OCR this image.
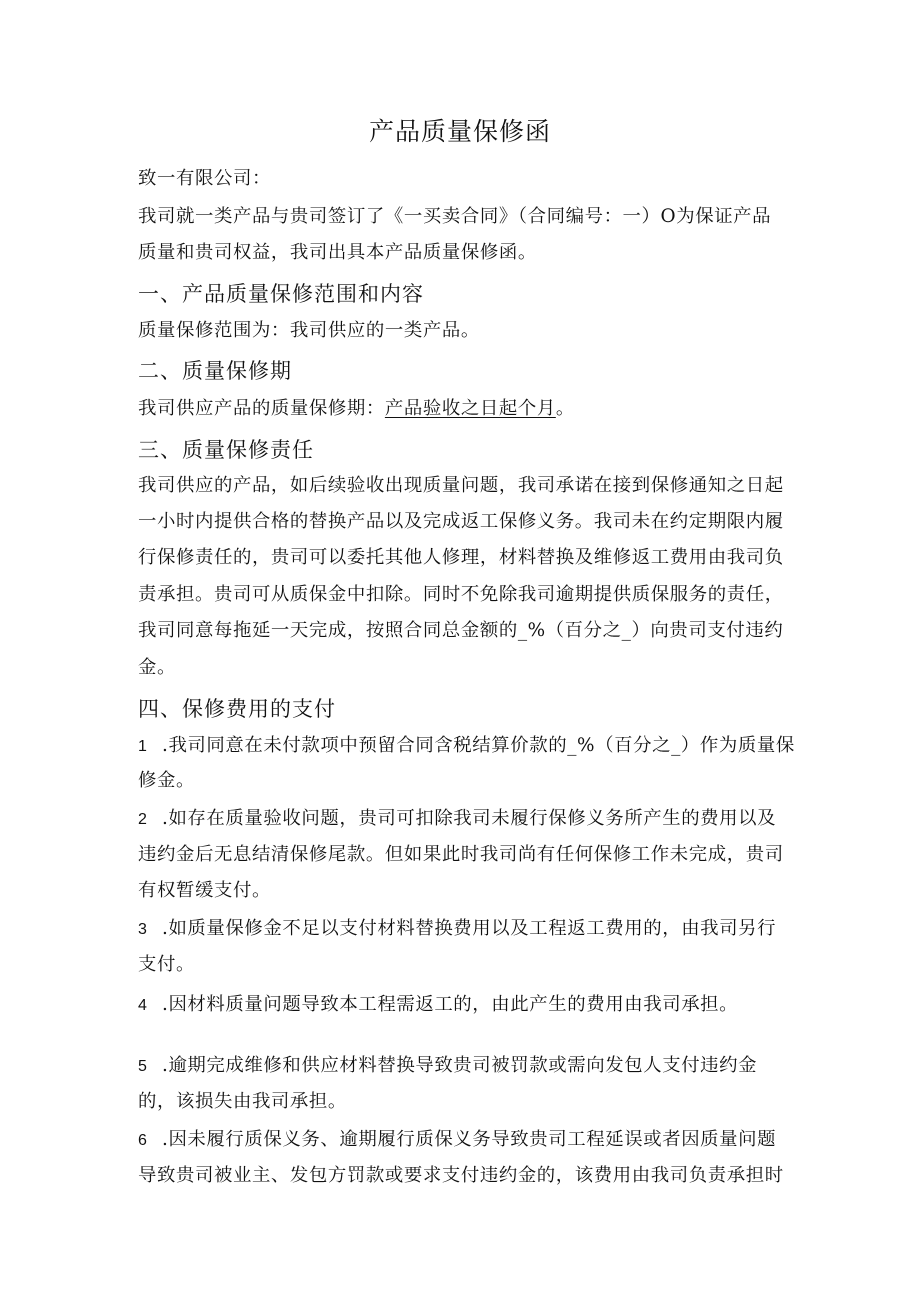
产品质量保修函
致一有限公司：
我司就一类产品与贵司签订了《一买卖合同》（合同编号：一）O为保证产品
质量和贵司权益，我司出具本产品质量保修函。
一、产品质量保修范围和内容
质量保修范围为：我司供应的一类产品。
二、质量保修期
我司供应产品的质量保修期：产品验收之日起个月。
三、质量保修责任
我司供应的产品，如后续验收出现质量问题，我司承诺在接到保修通知之日起
一小时内提供合格的替换产品以及完成返工保修义务。我司未在约定期限内履
行保修责任的，贵司可以委托其他人修理，材料替换及维修返工费用由我司负
责承担。贵司可从质保金中扣除。同时不免除我司逾期提供质保服务的责任，
我司同意每拖延一天完成，按照合同总金额的_%（百分之_）向贵司支付违约
金。
四、保修费用的支付
1 .我司同意在未付款项中预留合同含税结算价款的_%（百分之_）作为质量保
修金。
2 .如存在质量验收问题，贵司可扣除我司未履行保修义务所产生的费用以及
违约金后无息结清保修尾款。但如果此时我司尚有任何保修工作未完成，贵司
有权暂缓支付。
3 .如质量保修金不足以支付材料替换费用以及工程返工费用的，由我司另行
支付。
4 .因材料质量问题导致本工程需返工的，由此产生的费用由我司承担。
5 .逾期完成维修和供应材料替换导致贵司被罚款或需向发包人支付违约金
的，该损失由我司承担。
6 .因未履行质保义务、逾期履行质保义务导致贵司工程延误或者因质量问题
导致贵司被业主、发包方罚款或要求支付违约金的，该费用由我司负责承担时
